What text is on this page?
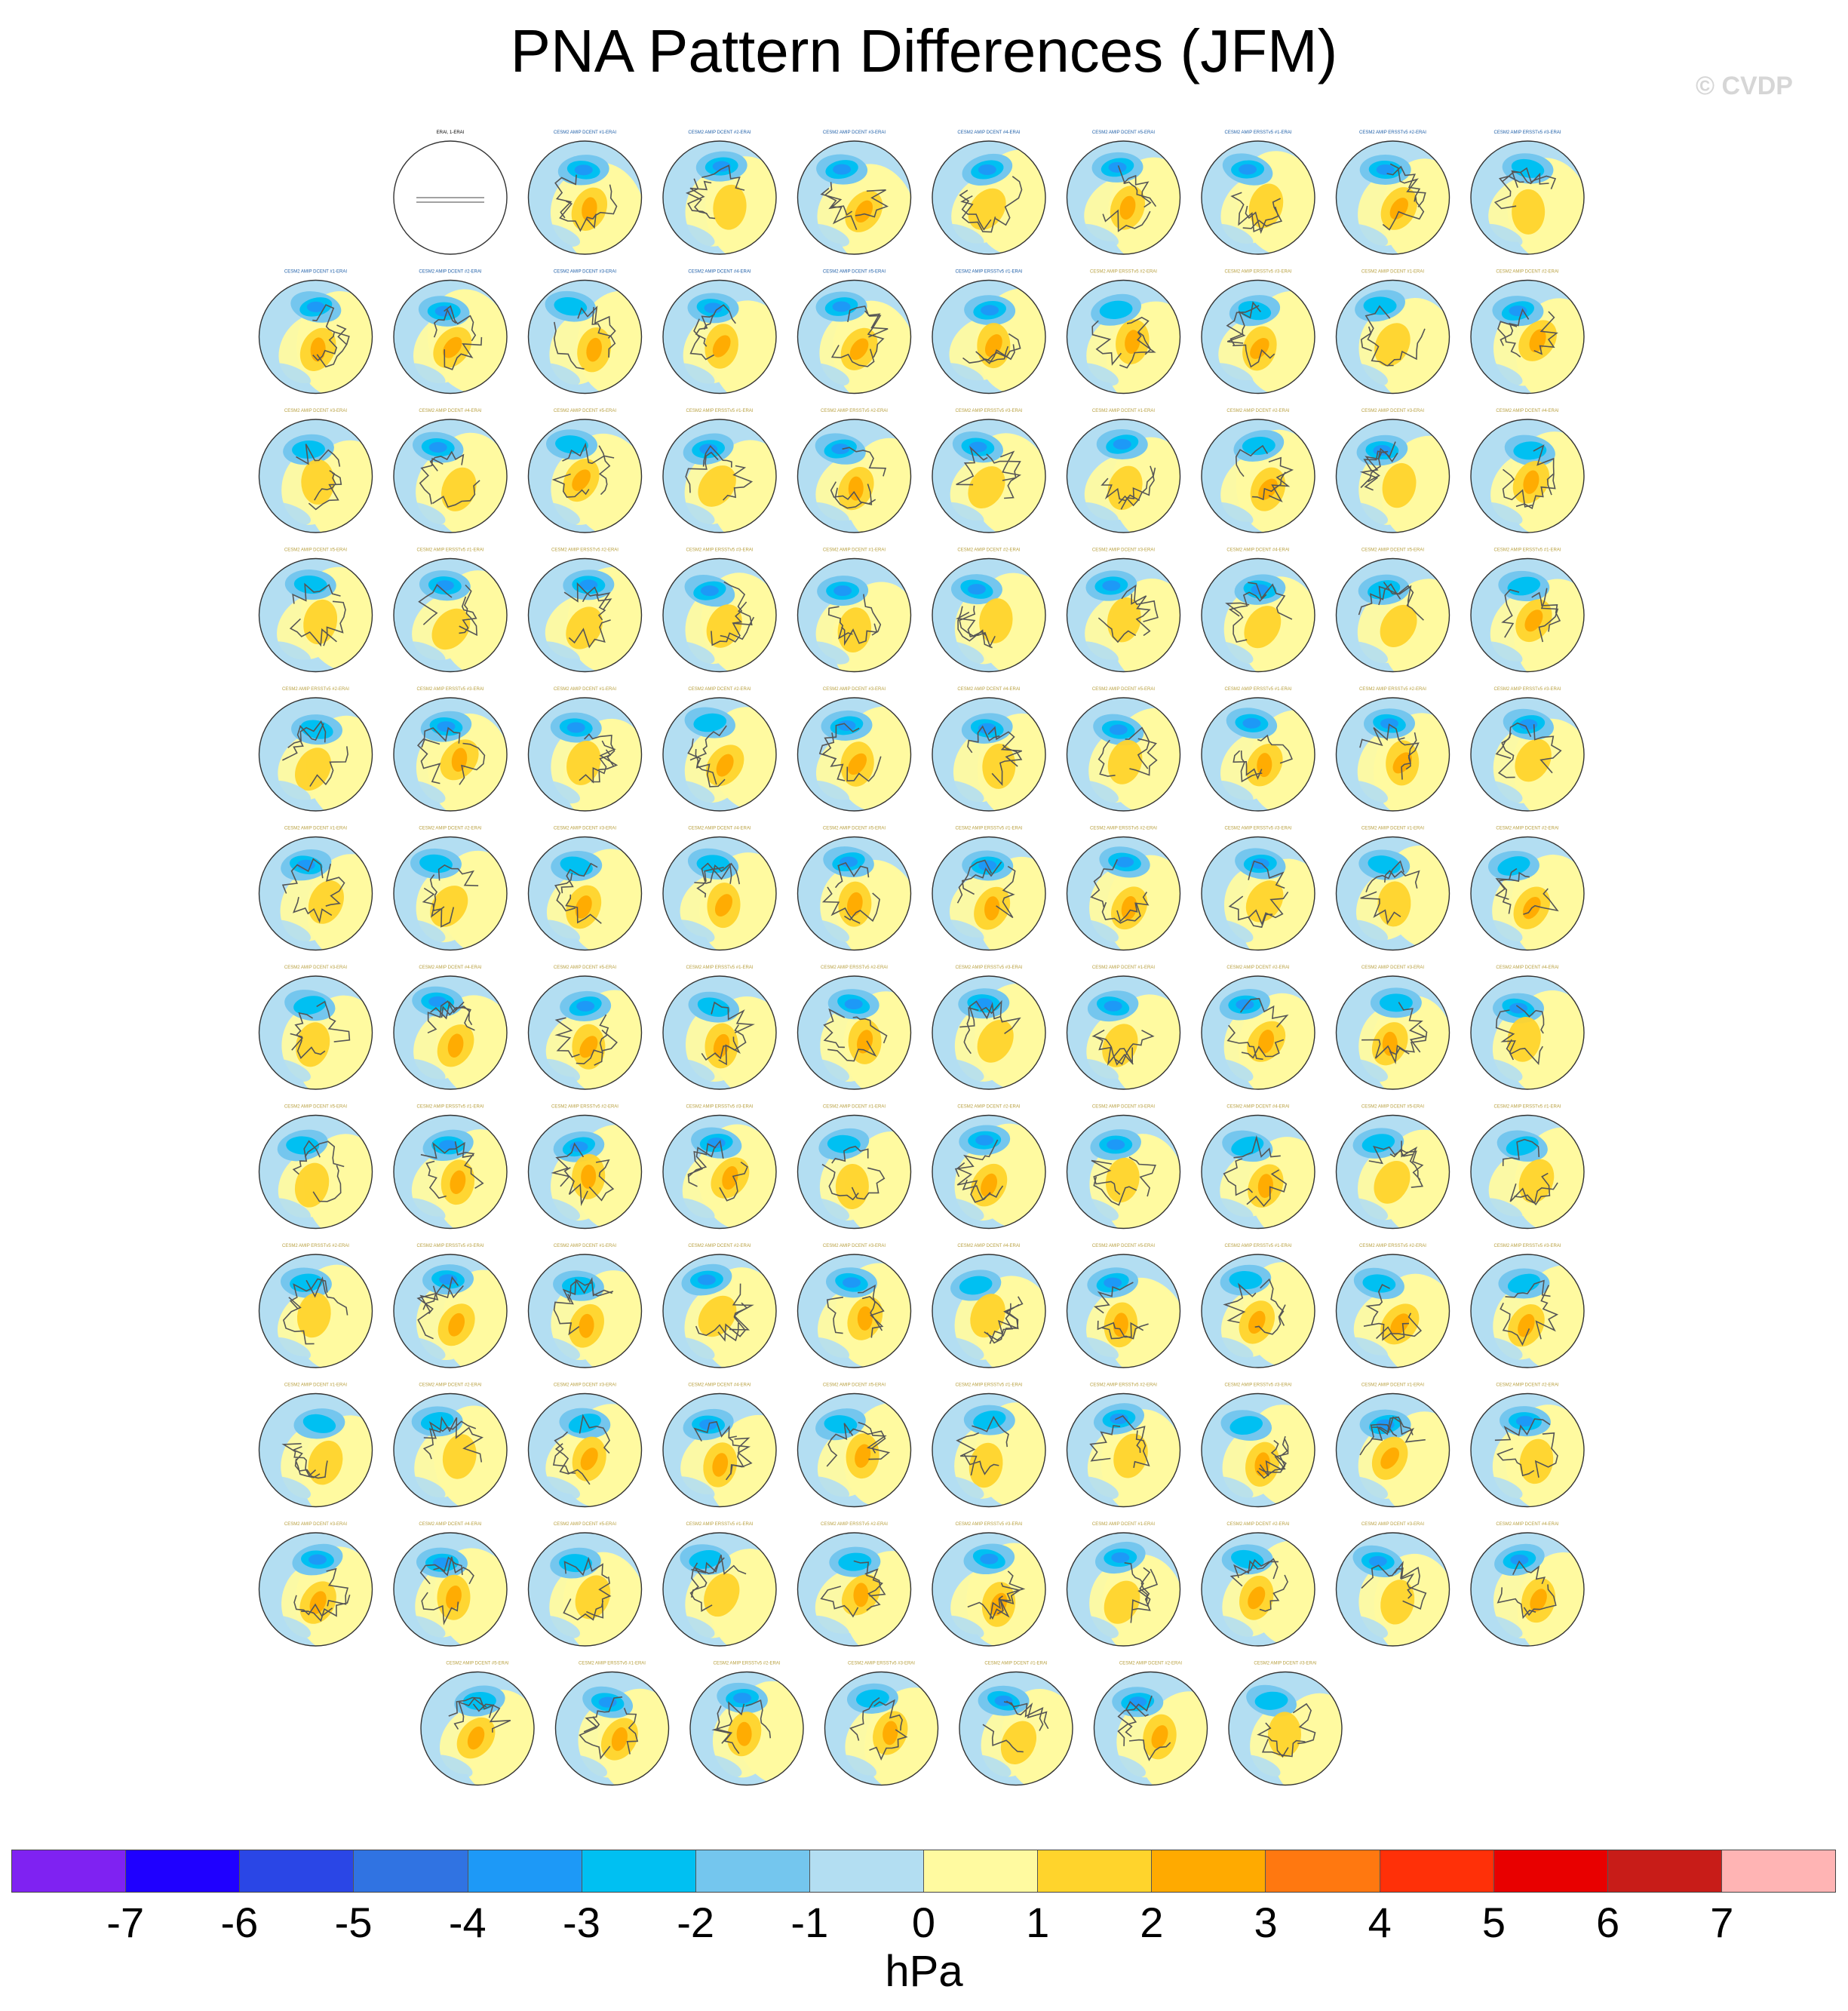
PNA Pattern Differences (JFM)
© CVDP
ERAI, 1-ERAI	CESM2 AMIP DCENT #1-ERAI	CESM2 AMIP DCENT #2-ERAI	CESM2 AMIP DCENT #3-ERAI	CESM2 AMIP DCENT #4-ERAI	CESM2 AMIP DCENT #5-ERAI	CESM2 AMIP ERSSTv5 #1-ERAI	CESM2 AMIP ERSSTv5 #2-ERAI	CESM2 AMIP ERSSTv5 #3-ERAI
CESM2 AMIP DCENT #1-ERAI	CESM2 AMIP DCENT #2-ERAI	CESM2 AMIP DCENT #3-ERAI	CESM2 AMIP DCENT #4-ERAI	CESM2 AMIP DCENT #5-ERAI	CESM2 AMIP ERSSTv5 #1-ERAI	CESM2 AMIP ERSSTv5 #2-ERAI	CESM2 AMIP ERSSTv5 #3-ERAI	CESM2 AMIP DCENT #1-ERAI	CESM2 AMIP DCENT #2-ERAI
CESM2 AMIP DCENT #3-ERAI	CESM2 AMIP DCENT #4-ERAI	CESM2 AMIP DCENT #5-ERAI	CESM2 AMIP ERSSTv5 #1-ERAI	CESM2 AMIP ERSSTv5 #2-ERAI	CESM2 AMIP ERSSTv5 #3-ERAI	CESM2 AMIP DCENT #1-ERAI	CESM2 AMIP DCENT #2-ERAI	CESM2 AMIP DCENT #3-ERAI	CESM2 AMIP DCENT #4-ERAI
CESM2 AMIP DCENT #5-ERAI	CESM2 AMIP ERSSTv5 #1-ERAI	CESM2 AMIP ERSSTv5 #2-ERAI	CESM2 AMIP ERSSTv5 #3-ERAI	CESM2 AMIP DCENT #1-ERAI	CESM2 AMIP DCENT #2-ERAI	CESM2 AMIP DCENT #3-ERAI	CESM2 AMIP DCENT #4-ERAI	CESM2 AMIP DCENT #5-ERAI	CESM2 AMIP ERSSTv5 #1-ERAI
CESM2 AMIP ERSSTv5 #2-ERAI	CESM2 AMIP ERSSTv5 #3-ERAI	CESM2 AMIP DCENT #1-ERAI	CESM2 AMIP DCENT #2-ERAI	CESM2 AMIP DCENT #3-ERAI	CESM2 AMIP DCENT #4-ERAI	CESM2 AMIP DCENT #5-ERAI	CESM2 AMIP ERSSTv5 #1-ERAI	CESM2 AMIP ERSSTv5 #2-ERAI	CESM2 AMIP ERSSTv5 #3-ERAI
CESM2 AMIP DCENT #1-ERAI	CESM2 AMIP DCENT #2-ERAI	CESM2 AMIP DCENT #3-ERAI	CESM2 AMIP DCENT #4-ERAI	CESM2 AMIP DCENT #5-ERAI	CESM2 AMIP ERSSTv5 #1-ERAI	CESM2 AMIP ERSSTv5 #2-ERAI	CESM2 AMIP ERSSTv5 #3-ERAI	CESM2 AMIP DCENT #1-ERAI	CESM2 AMIP DCENT #2-ERAI
CESM2 AMIP DCENT #3-ERAI	CESM2 AMIP DCENT #4-ERAI	CESM2 AMIP DCENT #5-ERAI	CESM2 AMIP ERSSTv5 #1-ERAI	CESM2 AMIP ERSSTv5 #2-ERAI	CESM2 AMIP ERSSTv5 #3-ERAI	CESM2 AMIP DCENT #1-ERAI	CESM2 AMIP DCENT #2-ERAI	CESM2 AMIP DCENT #3-ERAI	CESM2 AMIP DCENT #4-ERAI
CESM2 AMIP DCENT #5-ERAI	CESM2 AMIP ERSSTv5 #1-ERAI	CESM2 AMIP ERSSTv5 #2-ERAI	CESM2 AMIP ERSSTv5 #3-ERAI	CESM2 AMIP DCENT #1-ERAI	CESM2 AMIP DCENT #2-ERAI	CESM2 AMIP DCENT #3-ERAI	CESM2 AMIP DCENT #4-ERAI	CESM2 AMIP DCENT #5-ERAI	CESM2 AMIP ERSSTv5 #1-ERAI
CESM2 AMIP ERSSTv5 #2-ERAI	CESM2 AMIP ERSSTv5 #3-ERAI	CESM2 AMIP DCENT #1-ERAI	CESM2 AMIP DCENT #2-ERAI	CESM2 AMIP DCENT #3-ERAI	CESM2 AMIP DCENT #4-ERAI	CESM2 AMIP DCENT #5-ERAI	CESM2 AMIP ERSSTv5 #1-ERAI	CESM2 AMIP ERSSTv5 #2-ERAI	CESM2 AMIP ERSSTv5 #3-ERAI
CESM2 AMIP DCENT #1-ERAI	CESM2 AMIP DCENT #2-ERAI	CESM2 AMIP DCENT #3-ERAI	CESM2 AMIP DCENT #4-ERAI	CESM2 AMIP DCENT #5-ERAI	CESM2 AMIP ERSSTv5 #1-ERAI	CESM2 AMIP ERSSTv5 #2-ERAI	CESM2 AMIP ERSSTv5 #3-ERAI	CESM2 AMIP DCENT #1-ERAI	CESM2 AMIP DCENT #2-ERAI
CESM2 AMIP DCENT #3-ERAI	CESM2 AMIP DCENT #4-ERAI	CESM2 AMIP DCENT #5-ERAI	CESM2 AMIP ERSSTv5 #1-ERAI	CESM2 AMIP ERSSTv5 #2-ERAI	CESM2 AMIP ERSSTv5 #3-ERAI	CESM2 AMIP DCENT #1-ERAI	CESM2 AMIP DCENT #2-ERAI	CESM2 AMIP DCENT #3-ERAI	CESM2 AMIP DCENT #4-ERAI
CESM2 AMIP DCENT #5-ERAI	CESM2 AMIP ERSSTv5 #1-ERAI	CESM2 AMIP ERSSTv5 #2-ERAI	CESM2 AMIP ERSSTv5 #3-ERAI	CESM2 AMIP DCENT #1-ERAI	CESM2 AMIP DCENT #2-ERAI	CESM2 AMIP DCENT #3-ERAI
-7 -6 -5 -4 -3 -2 -1 0 1 2 3 4 5 6 7
hPa
